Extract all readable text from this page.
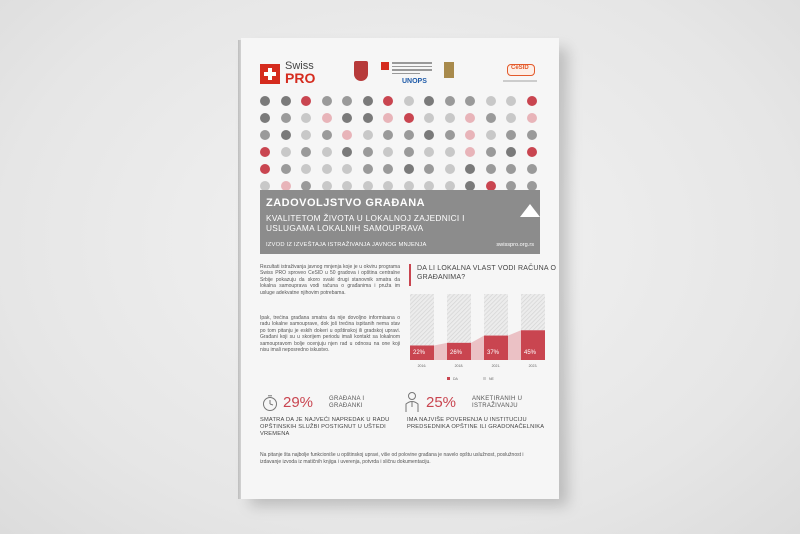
Swiss
PRO	UNOPS
CeSID
ZADOVOLJSTVO GRAĐANA
KVALITETOM ŽIVOTA U LOKALNOJ ZAJEDNICI I USLUGAMA LOKALNIH SAMOUPRAVA
IZVOD IZ IZVEŠTAJA ISTRAŽIVANJA JAVNOG MNJENJA	swisspro.org.rs
Rezultati istraživanja javnog mnjenja koje je u okviru programa Swiss PRO sproveo CeSID u 50 gradova i opština centralne Srbije pokazuju da skoro svaki drugi stanovnik smatra da lokalna samouprava vodi računa o građanima i pruža im usluge adekvatne njihovim potrebama.
Ipak, trećina građana smatra da nije dovoljno informisana o radu lokalne samouprave, dok još trećina ispitanih nema stav po tom pitanju je eskih dokeri u opštinskoj ili gradskoj upravi. Građani koji su u skorijem periodu imali kontakt sa lokalnom samoupravom bolje ocenjuju njen rad u odnosu na one koji nisu imali neposredno iskustvo.
DA LI LOKALNA VLAST VODI RAČUNA O GRAĐANIMA?
22%	26%	37%	45%
2016.	2018.	2021.	2023.
DA	NE
29%	GRAĐANA I GRAĐANKI
SMATRA DA JE NAJVEĆI NAPREDAK U RADU OPŠTINSKIH SLUŽBI POSTIGNUT U UŠTEDI VREMENA
25%	ANKETIRANIH U ISTRAŽIVANJU
IMA NAJVIŠE POVERENJA U INSTITUCIJU PREDSEDNIKA OPŠTINE ILI GRADONAČELNIKA
Na pitanje šta najbolje funkcioniše u opštinskoj upravi, više od polovine građana je navelo opštu uslužnost, poslužnost i izdavanje izvoda iz matičnih knjiga i uverenja, potvrda i sličnu dokumentaciju.
